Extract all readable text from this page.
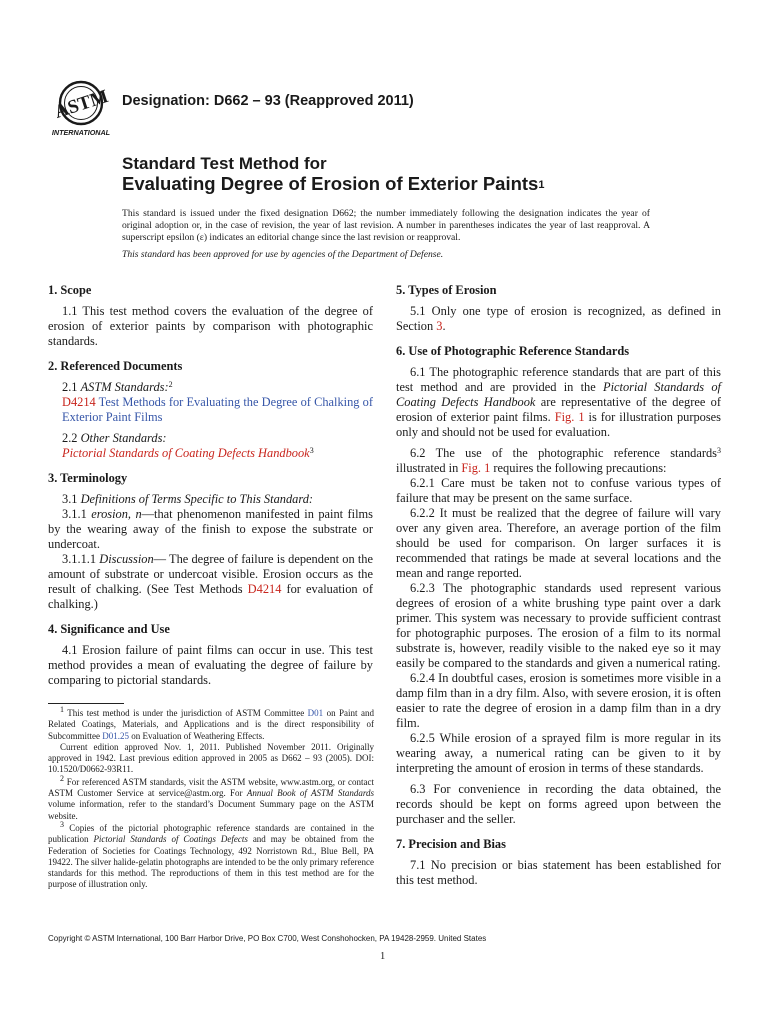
ASTM
INTERNATIONAL
Designation: D662 – 93 (Reapproved 2011)
Standard Test Method for
Evaluating Degree of Erosion of Exterior Paints$^1$
This standard is issued under the fixed designation D662; the number immediately following the designation indicates the year of original adoption or, in the case of revision, the year of last revision. A number in parentheses indicates the year of last reapproval. A superscript epsilon (ε) indicates an editorial change since the last revision or reapproval.
This standard has been approved for use by agencies of the Department of Defense.
1. Scope

1.1 This test method covers the evaluation of the degree of erosion of exterior paints by comparison with photographic standards.

2. Referenced Documents

2.1 ASTM Standards:$^2$

D4214 Test Methods for Evaluating the Degree of Chalking of Exterior Paint Films

2.2 Other Standards:

Pictorial Standards of Coating Defects Handbook$^3$

3. Terminology

3.1 Definitions of Terms Specific to This Standard:

3.1.1 erosion, n—that phenomenon manifested in paint films by the wearing away of the finish to expose the substrate or undercoat.

3.1.1.1 Discussion— The degree of failure is dependent on the amount of substrate or undercoat visible. Erosion occurs as the result of chalking. (See Test Methods D4214 for evaluation of chalking.)

4. Significance and Use

4.1 Erosion failure of paint films can occur in use. This test method provides a mean of evaluating the degree of failure by comparing to pictorial standards.

$^1$ This test method is under the jurisdiction of ASTM Committee D01 on Paint and Related Coatings, Materials, and Applications and is the direct responsibility of Subcommittee D01.25 on Evaluation of Weathering Effects.

Current edition approved Nov. 1, 2011. Published November 2011. Originally approved in 1942. Last previous edition approved in 2005 as D662 – 93 (2005). DOI: 10.1520/D0662-93R11.

$^2$ For referenced ASTM standards, visit the ASTM website, www.astm.org, or contact ASTM Customer Service at service@astm.org. For Annual Book of ASTM Standards volume information, refer to the standard’s Document Summary page on the ASTM website.

$^3$ Copies of the pictorial photographic reference standards are contained in the publication Pictorial Standards of Coatings Defects and may be obtained from the Federation of Societies for Coatings Technology, 492 Norristown Rd., Blue Bell, PA 19422. The silver halide-gelatin photographs are intended to be the only primary reference standards for this method. The reproductions of them in this test method are for the purpose of illustration only.

5. Types of Erosion

5.1 Only one type of erosion is recognized, as defined in Section 3.

6. Use of Photographic Reference Standards

6.1 The photographic reference standards that are part of this test method and are provided in the Pictorial Standards of Coating Defects Handbook are representative of the degree of erosion of exterior paint films. Fig. 1 is for illustration purposes only and should not be used for evaluation.

6.2 The use of the photographic reference standards$^3$ illustrated in Fig. 1 requires the following precautions:

6.2.1 Care must be taken not to confuse various types of failure that may be present on the same surface.

6.2.2 It must be realized that the degree of failure will vary over any given area. Therefore, an average portion of the film should be used for comparison. On larger surfaces it is recommended that ratings be made at several locations and the mean and range reported.

6.2.3 The photographic standards used represent various degrees of erosion of a white brushing type paint over a dark primer. This system was necessary to provide sufficient contrast for photographic purposes. The erosion of a film to its normal substrate is, however, readily visible to the naked eye so it may easily be compared to the standards and given a numerical rating.

6.2.4 In doubtful cases, erosion is sometimes more visible in a damp film than in a dry film. Also, with severe erosion, it is often easier to rate the degree of erosion in a damp film than in a dry film.

6.2.5 While erosion of a sprayed film is more regular in its wearing away, a numerical rating can be given to it by interpreting the amount of erosion in terms of these standards.

6.3 For convenience in recording the data obtained, the records should be kept on forms agreed upon between the purchaser and the seller.

7. Precision and Bias

7.1 No precision or bias statement has been established for this test method.

Copyright © ASTM International, 100 Barr Harbor Drive, PO Box C700, West Conshohocken, PA 19428-2959. United States
1
